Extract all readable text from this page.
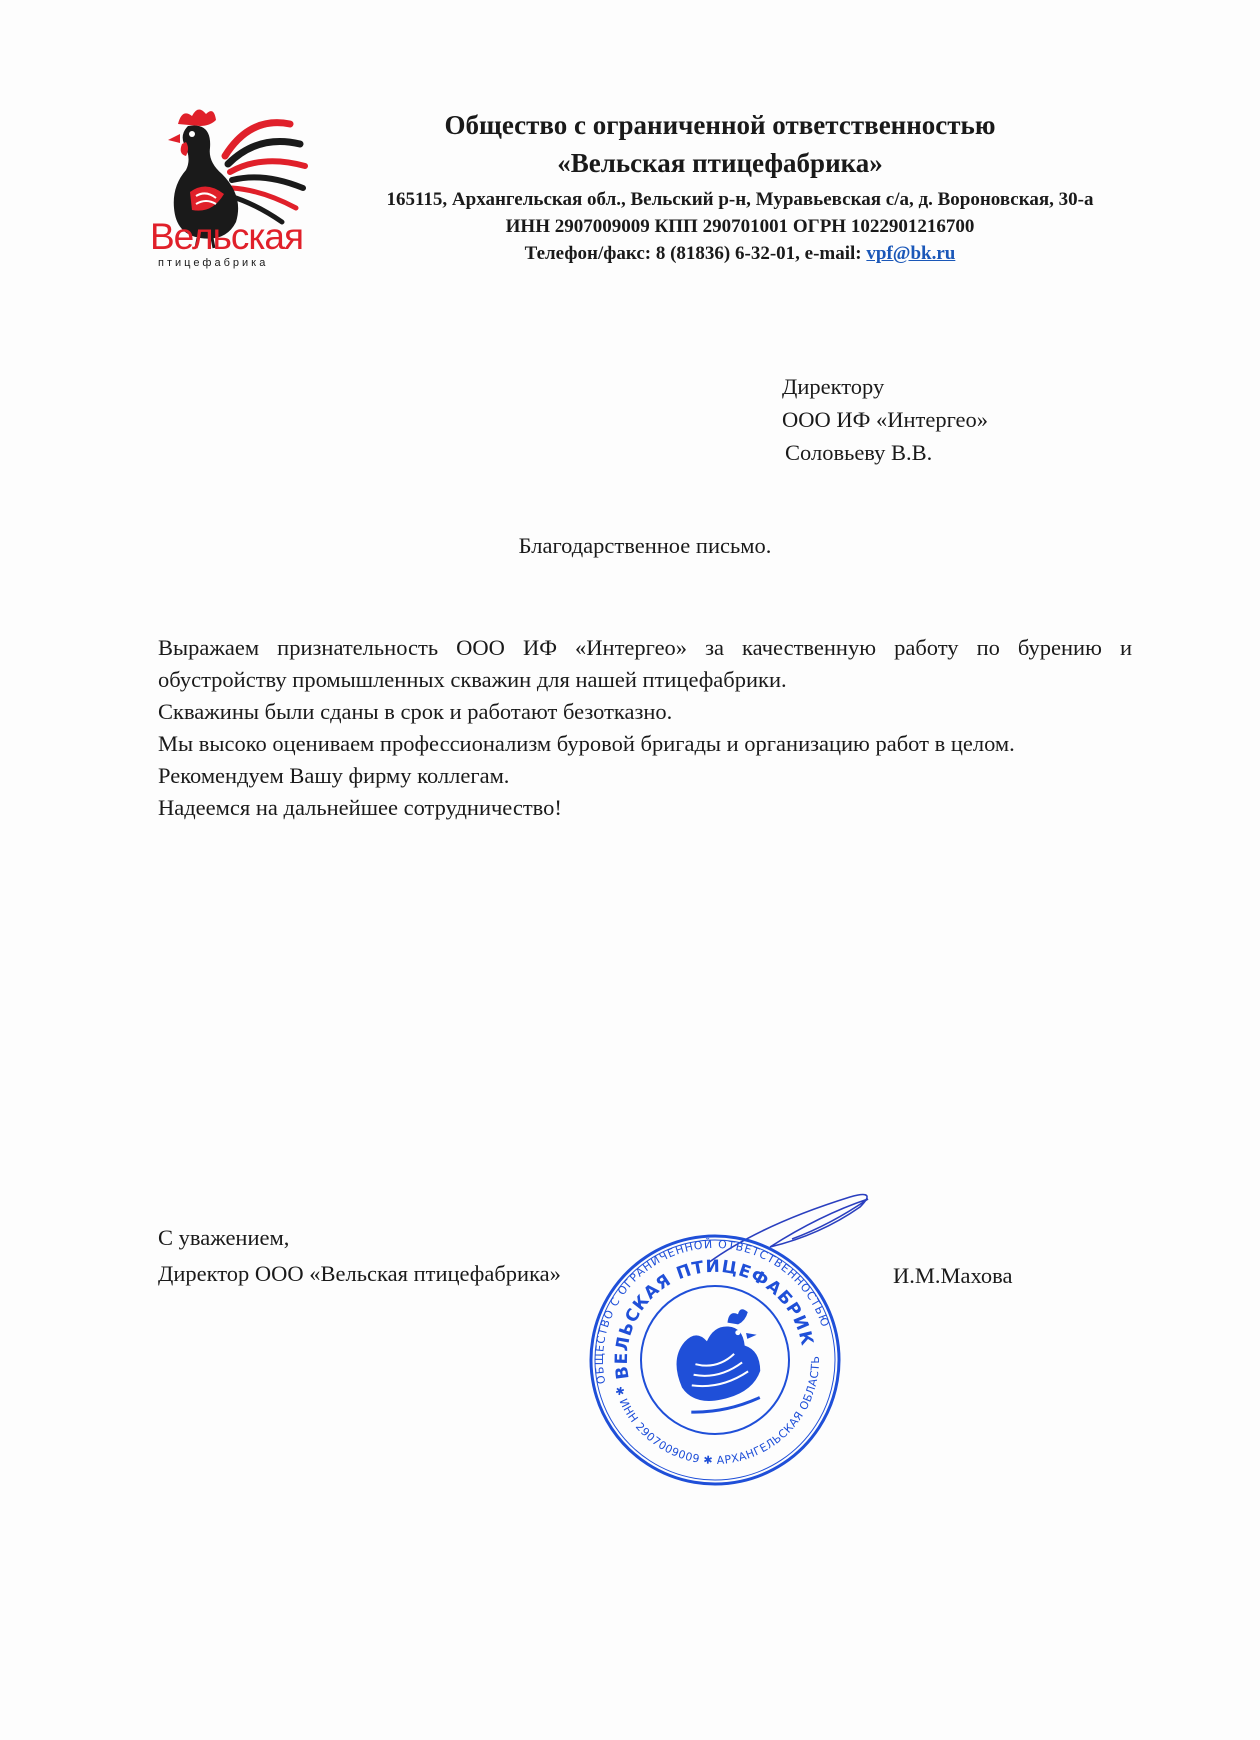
Вельская
птицефабрика
Общество с ограниченной ответственностью
«Вельская птицефабрика»
165115, Архангельская обл., Вельский р-н, Муравьевская с/а, д. Вороновская, 30-а
ИНН 2907009009 КПП 290701001 ОГРН 1022901216700
Телефон/факс: 8 (81836) 6-32-01, e-mail: vpf@bk.ru
Директору
ООО ИФ «Интергео»
Соловьеву В.В.
Благодарственное письмо.
Выражаем признательность ООО ИФ «Интергео» за качественную работу по бурению и
обустройству промышленных скважин для нашей птицефабрики.
Скважины были сданы в срок и работают безотказно.
Мы высоко оцениваем профессионализм буровой бригады и организацию работ в целом.
Рекомендуем Вашу фирму коллегам.
Надеемся на дальнейшее сотрудничество!
С уважением,
Директор ООО «Вельская птицефабрика»	И.М.Махова
ОБЩЕСТВО С ОГРАНИЧЕННОЙ ОТВЕТСТВЕННОСТЬЮ
ВЕЛЬСКАЯ ПТИЦЕФАБРИКА
✱ ИНН 2907009009 ✱ АРХАНГЕЛЬСКАЯ ОБЛАСТЬ
